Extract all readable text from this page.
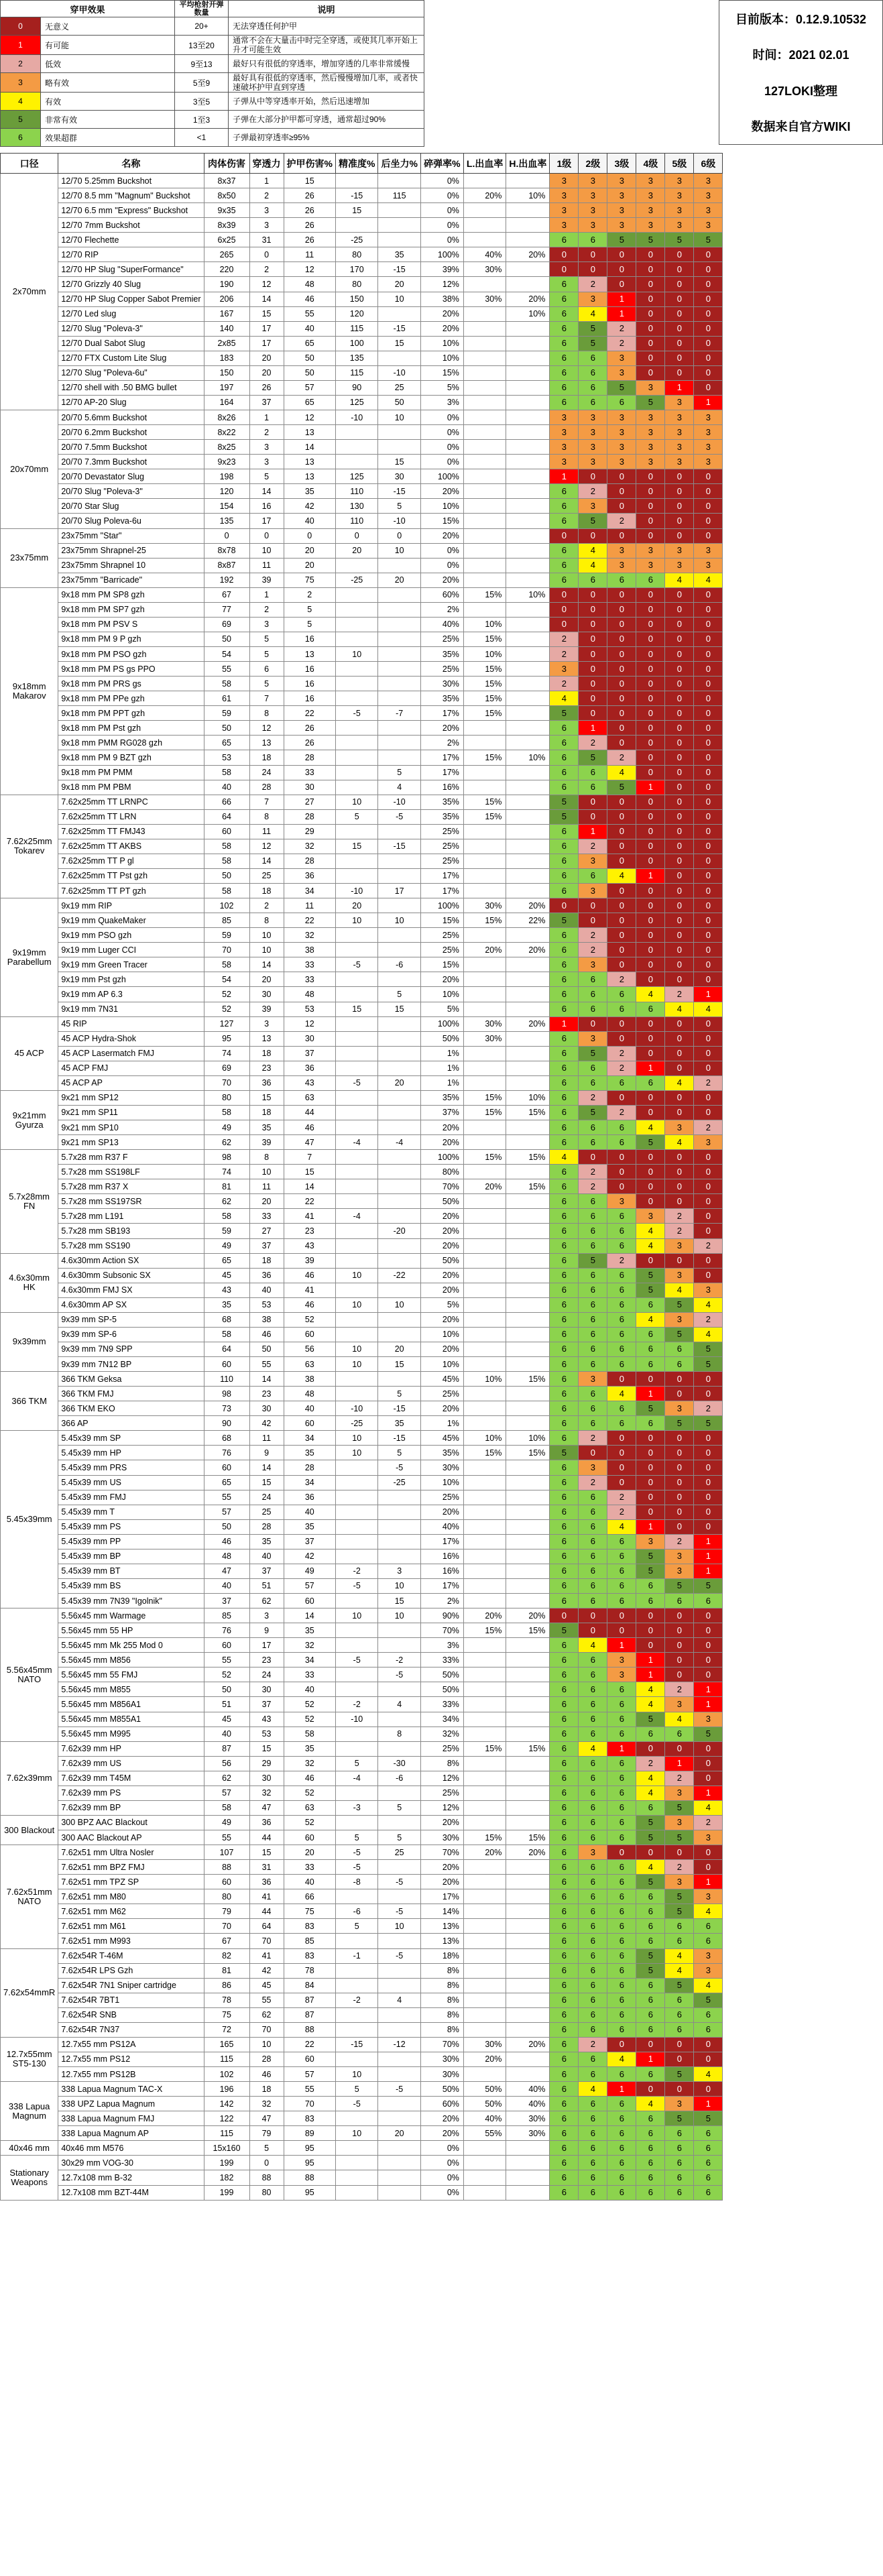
穿甲效果		平均枪射开弹数量	说明
0	无意义	20+	无法穿透任何护甲
1	有可能	13至20	通常不会在大量击中时完全穿透，或使其几率开始上升才可能生效
2	低效	9至13	最好只有很低的穿透率，增加穿透的几率非常缓慢
3	略有效	5至9	最好具有很低的穿透率，然后慢慢增加几率，或者快速破坏护甲直到穿透
4	有效	3至5	子弹从中等穿透率开始，然后迅速增加
5	非常有效	1至3	子弹在大部分护甲都可穿透，通常超过90%
6	效果超群	<1	子弹最初穿透率≥95%
目前版本：0.12.9.10532
时间：2021 02.01
127LOKI整理
数据来自官方WIKI
口径	名称	肉体伤害	穿透力	护甲伤害%	精准度%	后坐力%	碎弹率%	L.出血率	H.出血率	1级	2级	3级	4级	5级	6级
2x70mm	12/70 5.25mm Buckshot	8x37	1	15			0%			3	3	3	3	3	3
	12/70 8.5 mm "Magnum" Buckshot	8x50	2	26	-15	115	0%	20%	10%	3	3	3	3	3	3
	12/70 6.5 mm "Express" Buckshot	9x35	3	26	15		0%			3	3	3	3	3	3
	12/70 7mm Buckshot	8x39	3	26			0%			3	3	3	3	3	3
	12/70 Flechette	6x25	31	26	-25		0%			6	6	5	5	5	5
	12/70 RIP	265	0	11	80	35	100%	40%	20%	0	0	0	0	0	0
	12/70 HP Slug "SuperFormance"	220	2	12	170	-15	39%	30%		0	0	0	0	0	0
	12/70 Grizzly 40 Slug	190	12	48	80	20	12%			6	2	0	0	0	0
	12/70 HP Slug Copper Sabot Premier	206	14	46	150	10	38%	30%	20%	6	3	1	0	0	0
	12/70 Led slug	167	15	55	120		20%		10%	6	4	1	0	0	0
	12/70 Slug "Poleva-3"	140	17	40	115	-15	20%			6	5	2	0	0	0
	12/70 Dual Sabot Slug	2x85	17	65	100	15	10%			6	5	2	0	0	0
	12/70 FTX Custom Lite Slug	183	20	50	135		10%			6	6	3	0	0	0
	12/70 Slug "Poleva-6u"	150	20	50	115	-10	15%			6	6	3	0	0	0
	12/70 shell with .50 BMG bullet	197	26	57	90	25	5%			6	6	5	3	1	0
	12/70 AP-20 Slug	164	37	65	125	50	3%			6	6	6	5	3	1
20x70mm	20/70 5.6mm Buckshot	8x26	1	12	-10	10	0%			3	3	3	3	3	3
	20/70 6.2mm Buckshot	8x22	2	13			0%			3	3	3	3	3	3
	20/70 7.5mm Buckshot	8x25	3	14			0%			3	3	3	3	3	3
	20/70 7.3mm Buckshot	9x23	3	13		15	0%			3	3	3	3	3	3
	20/70 Devastator Slug	198	5	13	125	30	100%			1	0	0	0	0	0
	20/70 Slug "Poleva-3"	120	14	35	110	-15	20%			6	2	0	0	0	0
	20/70 Star Slug	154	16	42	130	5	10%			6	3	0	0	0	0
	20/70 Slug Poleva-6u	135	17	40	110	-10	15%			6	5	2	0	0	0
23x75mm	23x75mm "Star"	0	0	0	0	0	20%			0	0	0	0	0	0
	23x75mm Shrapnel-25	8x78	10	20	20	10	0%			6	4	3	3	3	3
	23x75mm Shrapnel 10	8x87	11	20			0%			6	4	3	3	3	3
	23x75mm "Barricade"	192	39	75	-25	20	20%			6	6	6	6	4	4
9x18mm Makarov	9x18 mm PM SP8 gzh	67	1	2			60%	15%	10%	0	0	0	0	0	0
	9x18 mm PM SP7 gzh	77	2	5			2%			0	0	0	0	0	0
	9x18 mm PM PSV S	69	3	5			40%	10%		0	0	0	0	0	0
	9x18 mm PM 9 P gzh	50	5	16			25%	15%		2	0	0	0	0	0
	9x18 mm PM PSO gzh	54	5	13	10		35%	10%		2	0	0	0	0	0
	9x18 mm PM PS gs PPO	55	6	16			25%	15%		3	0	0	0	0	0
	9x18 mm PM PRS gs	58	5	16			30%	15%		2	0	0	0	0	0
	9x18 mm PM PPe gzh	61	7	16			35%	15%		4	0	0	0	0	0
	9x18 mm PM PPT gzh	59	8	22	-5	-7	17%	15%		5	0	0	0	0	0
	9x18 mm PM Pst gzh	50	12	26			20%			6	1	0	0	0	0
	9x18 mm PMM RG028 gzh	65	13	26			2%			6	2	0	0	0	0
	9x18 mm PM 9 BZT gzh	53	18	28			17%	15%	10%	6	5	2	0	0	0
	9x18 mm PM PMM	58	24	33		5	17%			6	6	4	0	0	0
	9x18 mm PM PBM	40	28	30		4	16%			6	6	5	1	0	0
7.62x25mm Tokarev	7.62x25mm TT LRNPC	66	7	27	10	-10	35%	15%		5	0	0	0	0	0
	7.62x25mm TT LRN	64	8	28	5	-5	35%	15%		5	0	0	0	0	0
	7.62x25mm TT FMJ43	60	11	29			25%			6	1	0	0	0	0
	7.62x25mm TT AKBS	58	12	32	15	-15	25%			6	2	0	0	0	0
	7.62x25mm TT P gl	58	14	28			25%			6	3	0	0	0	0
	7.62x25mm TT Pst gzh	50	25	36			17%			6	6	4	1	0	0
	7.62x25mm TT PT gzh	58	18	34	-10	17	17%			6	3	0	0	0	0
9x19mm Parabellum	9x19 mm RIP	102	2	11	20		100%	30%	20%	0	0	0	0	0	0
	9x19 mm QuakeMaker	85	8	22	10	10	15%	15%	22%	5	0	0	0	0	0
	9x19 mm PSO gzh	59	10	32			25%			6	2	0	0	0	0
	9x19 mm Luger CCI	70	10	38			25%	20%	20%	6	2	0	0	0	0
	9x19 mm Green Tracer	58	14	33	-5	-6	15%			6	3	0	0	0	0
	9x19 mm Pst gzh	54	20	33			20%			6	6	2	0	0	0
	9x19 mm AP 6.3	52	30	48		5	10%			6	6	6	4	2	1
	9x19 mm 7N31	52	39	53	15	15	5%			6	6	6	6	4	4
45 ACP	45 RIP	127	3	12			100%	30%	20%	1	0	0	0	0	0
	45 ACP Hydra-Shok	95	13	30			50%	30%		6	3	0	0	0	0
	45 ACP Lasermatch FMJ	74	18	37			1%			6	5	2	0	0	0
	45 ACP FMJ	69	23	36			1%			6	6	2	1	0	0
	45 ACP AP	70	36	43	-5	20	1%			6	6	6	6	4	2
9x21mm Gyurza	9x21 mm SP12	80	15	63			35%	15%	10%	6	2	0	0	0	0
	9x21 mm SP11	58	18	44			37%	15%	15%	6	5	2	0	0	0
	9x21 mm SP10	49	35	46			20%			6	6	6	4	3	2
	9x21 mm SP13	62	39	47	-4	-4	20%			6	6	6	5	4	3
5.7x28mm FN	5.7x28 mm R37 F	98	8	7			100%	15%	15%	4	0	0	0	0	0
	5.7x28 mm SS198LF	74	10	15			80%			6	2	0	0	0	0
	5.7x28 mm R37 X	81	11	14			70%	20%	15%	6	2	0	0	0	0
	5.7x28 mm SS197SR	62	20	22			50%			6	6	3	0	0	0
	5.7x28 mm L191	58	33	41	-4		20%			6	6	6	3	2	0
	5.7x28 mm SB193	59	27	23		-20	20%			6	6	6	4	2	0
	5.7x28 mm SS190	49	37	43			20%			6	6	6	4	3	2
4.6x30mm HK	4.6x30mm Action SX	65	18	39			50%			6	5	2	0	0	0
	4.6x30mm Subsonic SX	45	36	46	10	-22	20%			6	6	6	5	3	0
	4.6x30mm FMJ SX	43	40	41			20%			6	6	6	5	4	3
	4.6x30mm AP SX	35	53	46	10	10	5%			6	6	6	6	5	4
9x39mm	9x39 mm SP-5	68	38	52			20%			6	6	6	4	3	2
	9x39 mm SP-6	58	46	60			10%			6	6	6	6	5	4
	9x39 mm 7N9 SPP	64	50	56	10	20	20%			6	6	6	6	6	5
	9x39 mm 7N12 BP	60	55	63	10	15	10%			6	6	6	6	6	5
366 TKM	366 TKM Geksa	110	14	38			45%	10%	15%	6	3	0	0	0	0
	366 TKM FMJ	98	23	48		5	25%			6	6	4	1	0	0
	366 TKM EKO	73	30	40	-10	-15	20%			6	6	6	5	3	2
	366 AP	90	42	60	-25	35	1%			6	6	6	6	5	5
5.45x39mm	5.45x39 mm SP	68	11	34	10	-15	45%	10%	10%	6	2	0	0	0	0
	5.45x39 mm HP	76	9	35	10	5	35%	15%	15%	5	0	0	0	0	0
	5.45x39 mm PRS	60	14	28		-5	30%			6	3	0	0	0	0
	5.45x39 mm US	65	15	34		-25	10%			6	2	0	0	0	0
	5.45x39 mm FMJ	55	24	36			25%			6	6	2	0	0	0
	5.45x39 mm T	57	25	40			20%			6	6	2	0	0	0
	5.45x39 mm PS	50	28	35			40%			6	6	4	1	0	0
	5.45x39 mm PP	46	35	37			17%			6	6	6	3	2	1
	5.45x39 mm BP	48	40	42			16%			6	6	6	5	3	1
	5.45x39 mm BT	47	37	49	-2	3	16%			6	6	6	5	3	1
	5.45x39 mm BS	40	51	57	-5	10	17%			6	6	6	6	5	5
	5.45x39 mm 7N39 "Igolnik"	37	62	60		15	2%			6	6	6	6	6	6
5.56x45mm NATO	5.56x45 mm Warmage	85	3	14	10	10	90%	20%	20%	0	0	0	0	0	0
	5.56x45 mm 55 HP	76	9	35			70%	15%	15%	5	0	0	0	0	0
	5.56x45 mm Mk 255 Mod 0	60	17	32			3%			6	4	1	0	0	0
	5.56x45 mm M856	55	23	34	-5	-2	33%			6	6	3	1	0	0
	5.56x45 mm 55 FMJ	52	24	33		-5	50%			6	6	3	1	0	0
	5.56x45 mm M855	50	30	40			50%			6	6	6	4	2	1
	5.56x45 mm M856A1	51	37	52	-2	4	33%			6	6	6	4	3	1
	5.56x45 mm M855A1	45	43	52	-10		34%			6	6	6	5	4	3
	5.56x45 mm M995	40	53	58		8	32%			6	6	6	6	6	5
7.62x39mm	7.62x39 mm HP	87	15	35			25%	15%	15%	6	4	1	0	0	0
	7.62x39 mm US	56	29	32	5	-30	8%			6	6	6	2	1	0
	7.62x39 mm T45M	62	30	46	-4	-6	12%			6	6	6	4	2	0
	7.62x39 mm PS	57	32	52			25%			6	6	6	4	3	1
	7.62x39 mm BP	58	47	63	-3	5	12%			6	6	6	6	5	4
300 Blackout	300 BPZ AAC Blackout	49	36	52			20%			6	6	6	5	3	2
	300 AAC Blackout AP	55	44	60	5	5	30%	15%	15%	6	6	6	5	5	3
7.62x51mm NATO	7.62x51 mm Ultra Nosler	107	15	20	-5	25	70%	20%	20%	6	3	0	0	0	0
	7.62x51 mm BPZ FMJ	88	31	33	-5		20%			6	6	6	4	2	0
	7.62x51 mm TPZ SP	60	36	40	-8	-5	20%			6	6	6	5	3	1
	7.62x51 mm M80	80	41	66			17%			6	6	6	6	5	3
	7.62x51 mm M62	79	44	75	-6	-5	14%			6	6	6	6	5	4
	7.62x51 mm M61	70	64	83	5	10	13%			6	6	6	6	6	6
	7.62x51 mm M993	67	70	85			13%			6	6	6	6	6	6
7.62x54mmR	7.62x54R T-46M	82	41	83	-1	-5	18%			6	6	6	5	4	3
	7.62x54R LPS Gzh	81	42	78			8%			6	6	6	5	4	3
	7.62x54R 7N1 Sniper cartridge	86	45	84			8%			6	6	6	6	5	4
	7.62x54R 7BT1	78	55	87	-2	4	8%			6	6	6	6	6	5
	7.62x54R SNB	75	62	87			8%			6	6	6	6	6	6
	7.62x54R 7N37	72	70	88			8%			6	6	6	6	6	6
12.7x55mm ST5-130	12.7x55 mm PS12A	165	10	22	-15	-12	70%	30%	20%	6	2	0	0	0	0
	12.7x55 mm PS12	115	28	60			30%	20%		6	6	4	1	0	0
	12.7x55 mm PS12B	102	46	57	10		30%			6	6	6	6	5	4
338 Lapua Magnum	338 Lapua Magnum TAC-X	196	18	55	5	-5	50%	50%	40%	6	4	1	0	0	0
	338 UPZ Lapua Magnum	142	32	70	-5		60%	50%	40%	6	6	6	4	3	1
	338 Lapua Magnum FMJ	122	47	83			20%	40%	30%	6	6	6	6	5	5
	338 Lapua Magnum AP	115	79	89	10	20	20%	55%	30%	6	6	6	6	6	6
40x46 mm	40x46 mm M576	15x160	5	95			0%			6	6	6	6	6	6
Stationary Weapons	30x29 mm VOG-30	199	0	95			0%			6	6	6	6	6	6
	12.7x108 mm B-32	182	88	88			0%			6	6	6	6	6	6
	12.7x108 mm BZT-44M	199	80	95			0%			6	6	6	6	6	6
